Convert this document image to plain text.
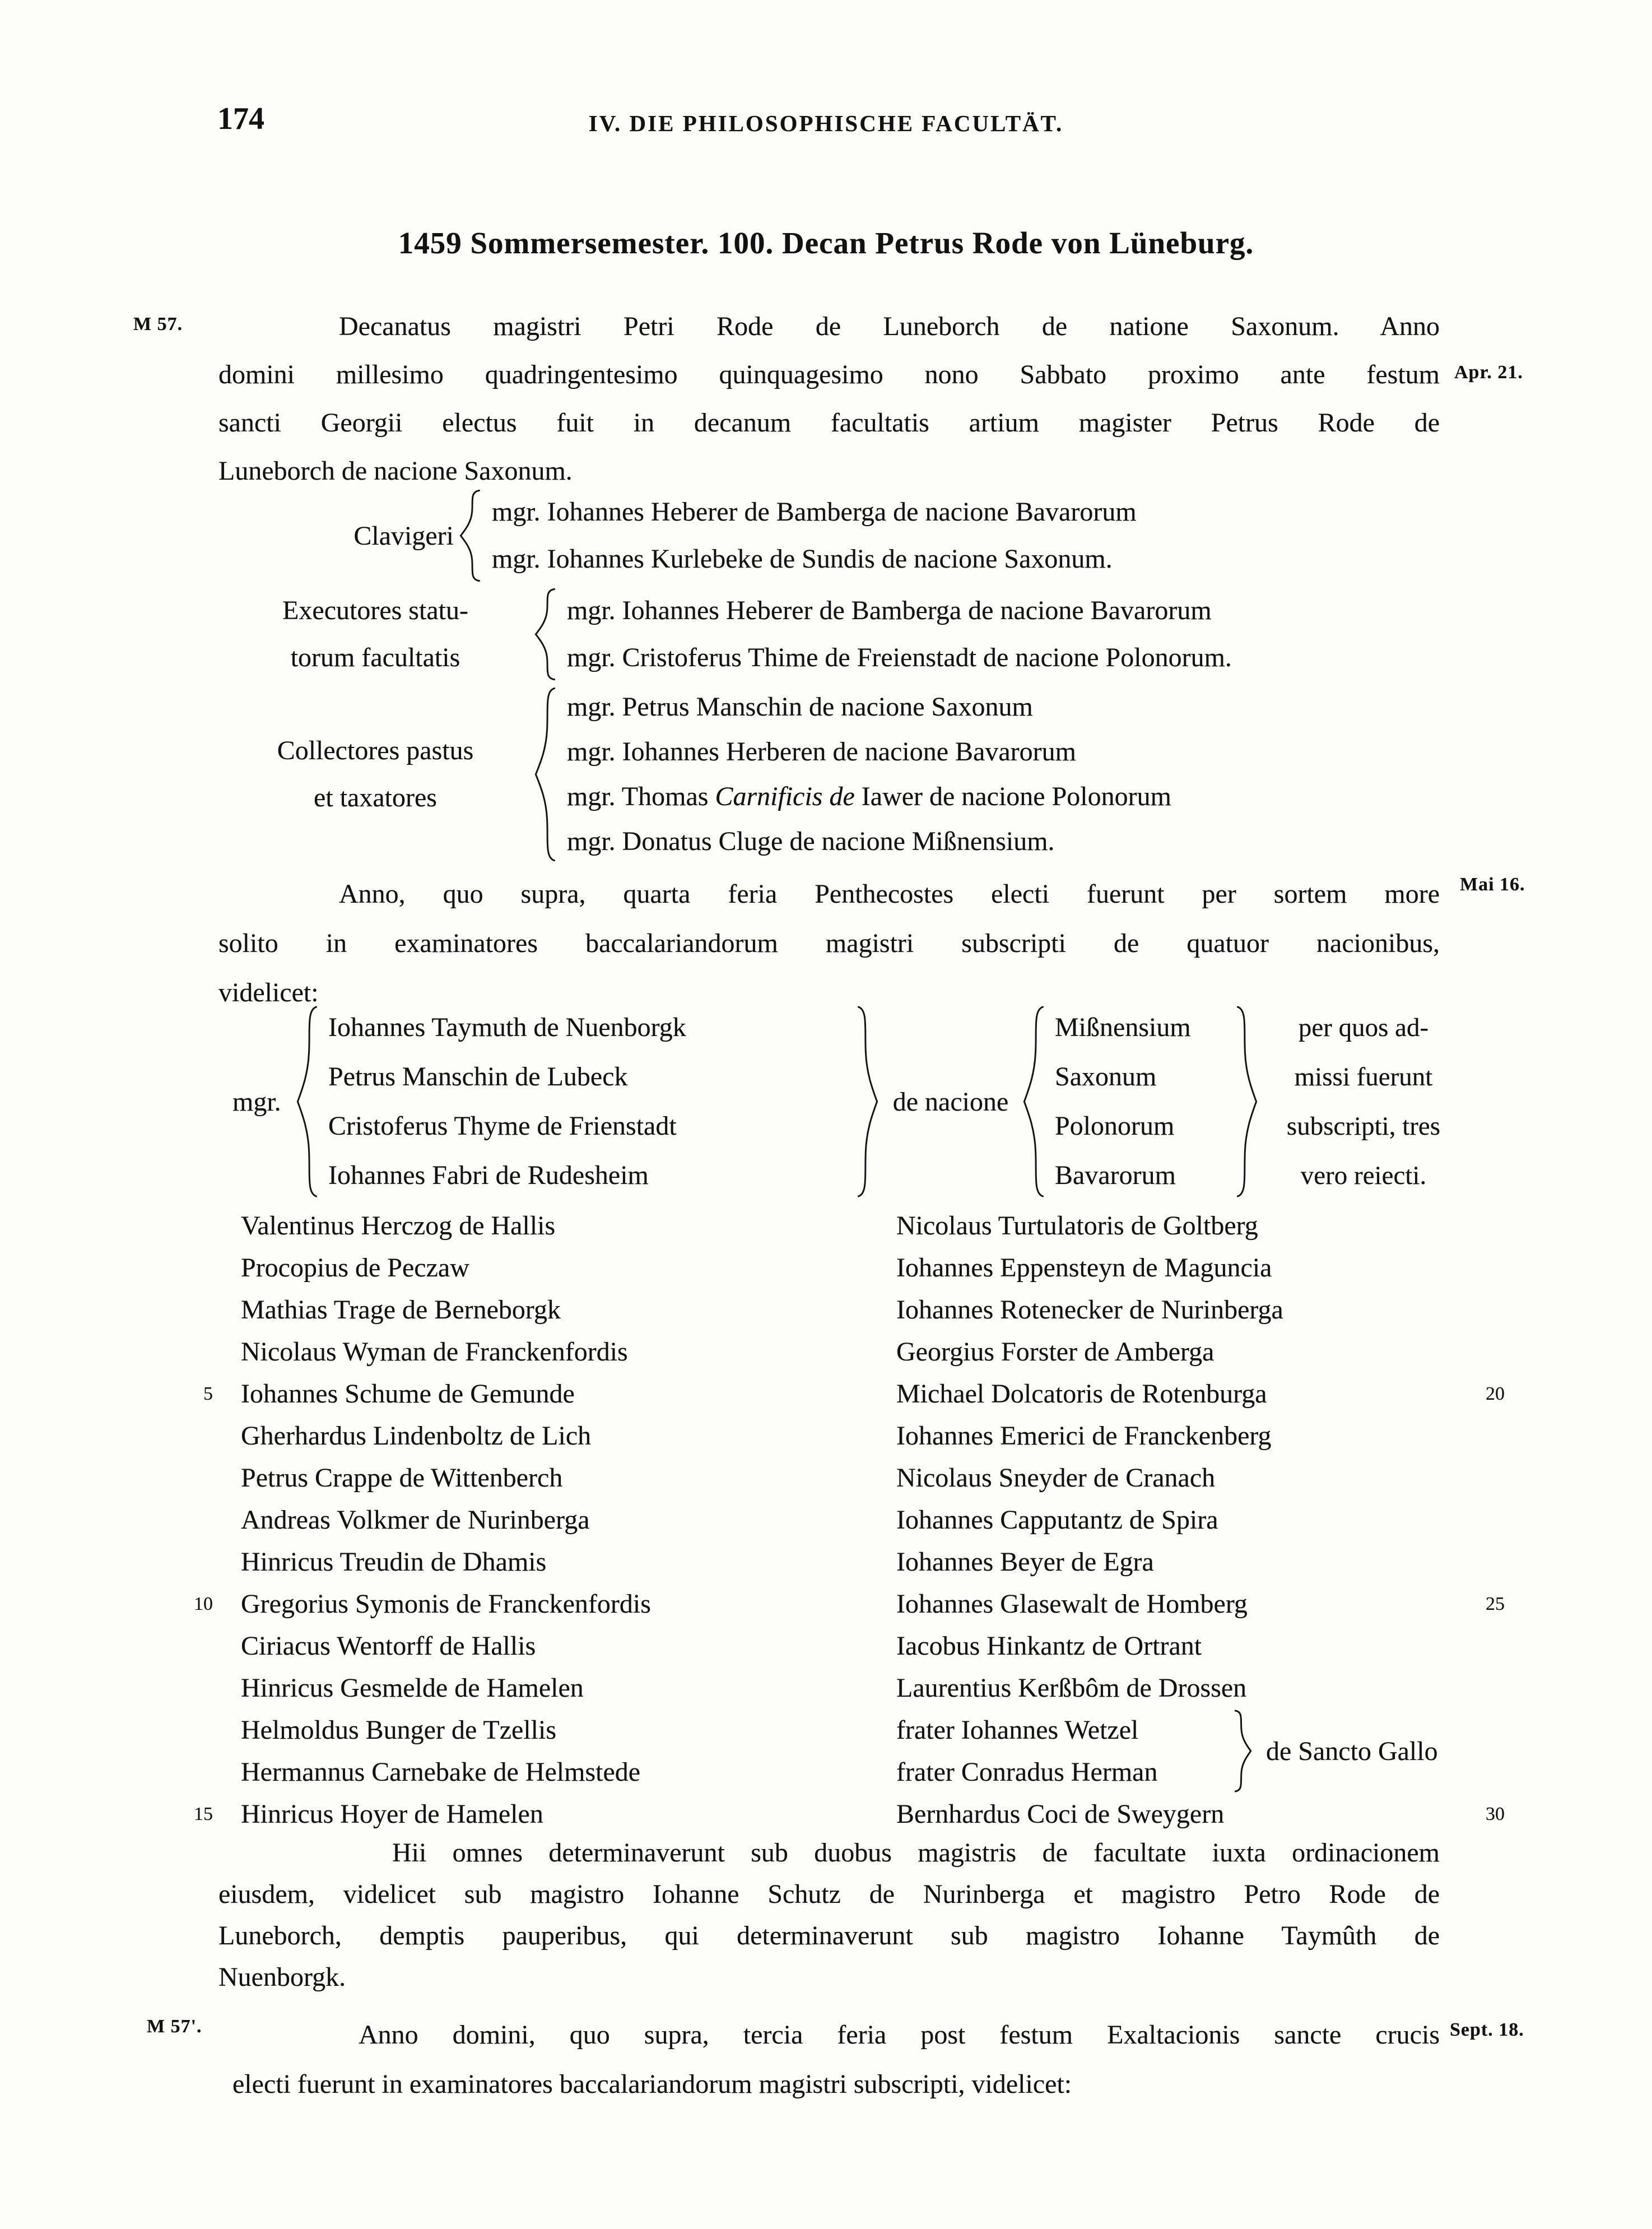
174	IV. DIE PHILOSOPHISCHE FACULTÄT.
1459 Sommersemester. 100. Decan Petrus Rode von Lüneburg.
M 57.
Apr. 21.
Mai 16.
M 57'.	Sept. 18.
Decanatus magistri Petri Rode de Luneborch de natione Saxonum. Anno
domini millesimo quadringentesimo quinquagesimo nono Sabbato proximo ante festum
sancti Georgii electus fuit in decanum facultatis artium magister Petrus Rode de
Luneborch de nacione Saxonum.
Clavigeri
mgr. Iohannes Heberer de Bamberga de nacione Bavarorum
mgr. Iohannes Kurlebeke de Sundis de nacione Saxonum.
Executores statu-
torum facultatis
mgr. Iohannes Heberer de Bamberga de nacione Bavarorum
mgr. Cristoferus Thime de Freienstadt de nacione Polonorum.
Collectores pastus
et taxatores
mgr. Petrus Manschin de nacione Saxonum
mgr. Iohannes Herberen de nacione Bavarorum
mgr. Thomas Carnificis de Iawer de nacione Polonorum
mgr. Donatus Cluge de nacione Mißnensium.
Anno, quo supra, quarta feria Penthecostes electi fuerunt per sortem more
solito in examinatores baccalariandorum magistri subscripti de quatuor nacionibus,
videlicet:
mgr.
Iohannes Taymuth de Nuenborgk
Petrus Manschin de Lubeck
Cristoferus Thyme de Frienstadt
Iohannes Fabri de Rudesheim
de nacione
Mißnensium
Saxonum
Polonorum
Bavarorum
per quos ad-
missi fuerunt
subscripti, tres
vero reiecti.
5
10
15
20
25
30
Valentinus Herczog de Hallis
Procopius de Peczaw
Mathias Trage de Berneborgk
Nicolaus Wyman de Franckenfordis
Iohannes Schume de Gemunde
Gherhardus Lindenboltz de Lich
Petrus Crappe de Wittenberch
Andreas Volkmer de Nurinberga
Hinricus Treudin de Dhamis
Gregorius Symonis de Franckenfordis
Ciriacus Wentorff de Hallis
Hinricus Gesmelde de Hamelen
Helmoldus Bunger de Tzellis
Hermannus Carnebake de Helmstede
Hinricus Hoyer de Hamelen
Nicolaus Turtulatoris de Goltberg
Iohannes Eppensteyn de Maguncia
Iohannes Rotenecker de Nurinberga
Georgius Forster de Amberga
Michael Dolcatoris de Rotenburga
Iohannes Emerici de Franckenberg
Nicolaus Sneyder de Cranach
Iohannes Capputantz de Spira
Iohannes Beyer de Egra
Iohannes Glasewalt de Homberg
Iacobus Hinkantz de Ortrant
Laurentius Kerßbôm de Drossen
frater Iohannes Wetzel
frater Conradus Herman
Bernhardus Coci de Sweygern
de Sancto Gallo
Hii omnes determinaverunt sub duobus magistris de facultate iuxta ordinacionem
eiusdem, videlicet sub magistro Iohanne Schutz de Nurinberga et magistro Petro Rode de
Luneborch, demptis pauperibus, qui determinaverunt sub magistro Iohanne Taymûth de
Nuenborgk.
Anno domini, quo supra, tercia feria post festum Exaltacionis sancte crucis
electi fuerunt in examinatores baccalariandorum magistri subscripti, videlicet:
